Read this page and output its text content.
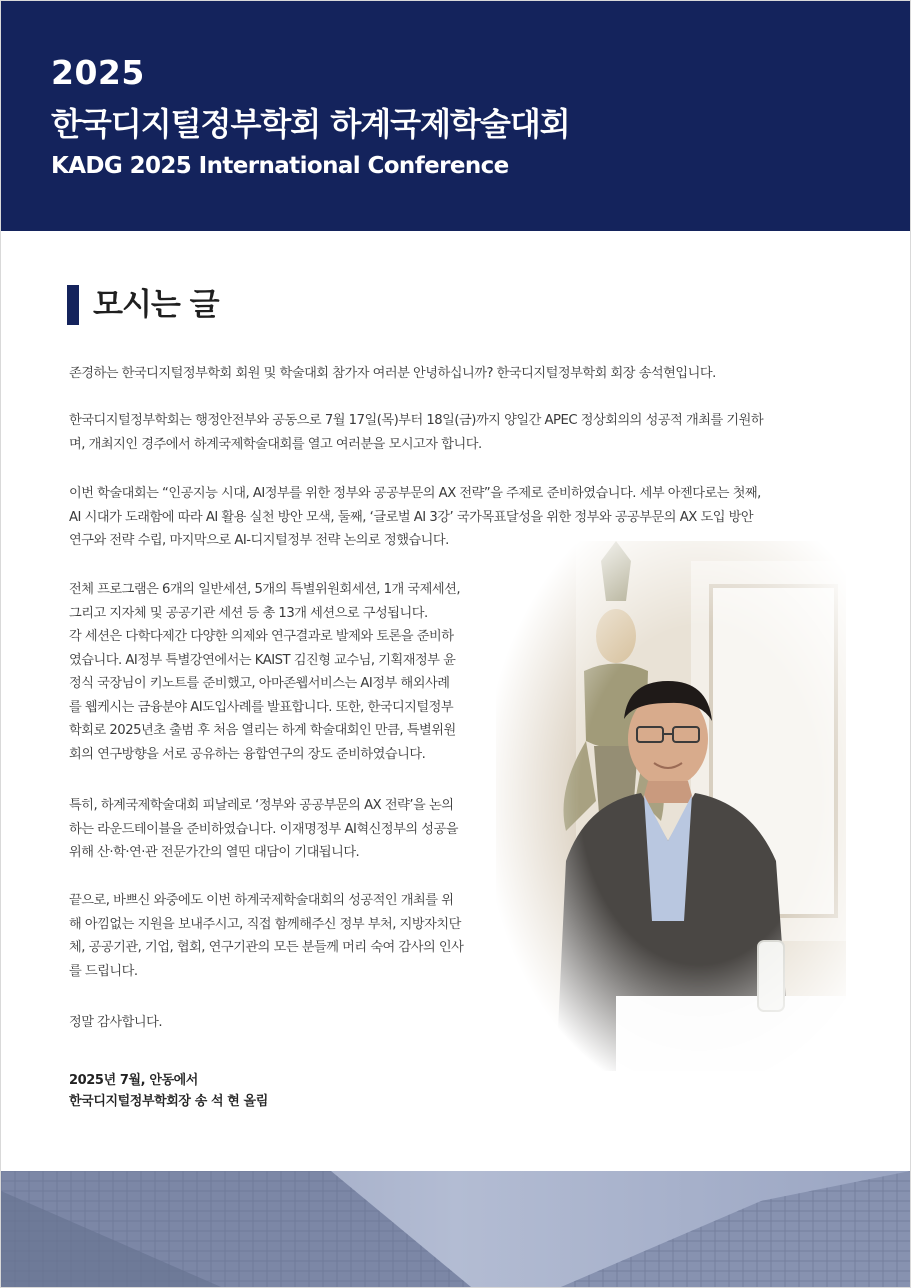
2025
한국디지털정부학회 하계국제학술대회
KADG 2025 International Conference
모시는 글

존경하는 한국디지털정부학회 회원 및 학술대회 참가자 여러분 안녕하십니까? 한국디지털정부학회 회장 송석현입니다.

한국디지털정부학회는 행정안전부와 공동으로 7월 17일(목)부터 18일(금)까지 양일간 APEC 정상회의의 성공적 개최를 기원하
며, 개최지인 경주에서 하계국제학술대회를 열고 여러분을 모시고자 합니다.

이번 학술대회는 “인공지능 시대, AI정부를 위한 정부와 공공부문의 AX 전략”을 주제로 준비하였습니다. 세부 아젠다로는 첫째,
AI 시대가 도래함에 따라 AI 활용 실천 방안 모색, 둘째, ‘글로벌 AI 3강’ 국가목표달성을 위한 정부와 공공부문의 AX 도입 방안
연구와 전략 수립, 마지막으로 AI-디지털정부 전략 논의로 정했습니다.

전체 프로그램은 6개의 일반세션, 5개의 특별위원회세션, 1개 국제세션,
그리고 지자체 및 공공기관 세션 등 총 13개 세션으로 구성됩니다.
각 세션은 다학다제간 다양한 의제와 연구결과로 발제와 토론을 준비하
였습니다. AI정부 특별강연에서는 KAIST 김진형 교수님, 기획재정부 윤
정식 국장님이 키노트를 준비했고, 아마존웹서비스는 AI정부 해외사례
를 웹케시는 금융분야 AI도입사례를 발표합니다. 또한, 한국디지털정부
학회로 2025년초 출범 후 처음 열리는 하계 학술대회인 만큼, 특별위원
회의 연구방향을 서로 공유하는 융합연구의 장도 준비하였습니다.

특히, 하계국제학술대회 피날레로 ‘정부와 공공부문의 AX 전략’을 논의
하는 라운드테이블을 준비하였습니다. 이재명정부 AI혁신정부의 성공을
위해 산·학·연·관 전문가간의 열띤 대담이 기대됩니다.

끝으로, 바쁘신 와중에도 이번 하계국제학술대회의 성공적인 개최를 위
해 아낌없는 지원을 보내주시고, 직접 함께해주신 정부 부처, 지방자치단
체, 공공기관, 기업, 협회, 연구기관의 모든 분들께 머리 숙여 감사의 인사
를 드립니다.

정말 감사합니다.

2025년 7월, 안동에서
한국디지털정부학회장 송 석 현 올림
